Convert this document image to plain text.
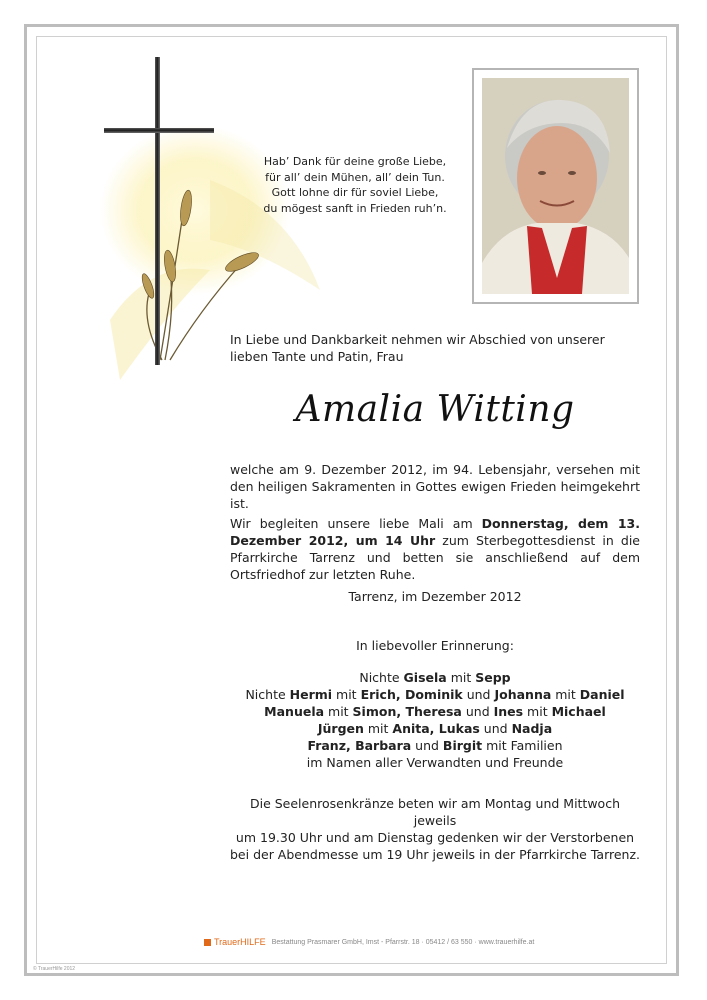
Hab’ Dank für deine große Liebe,
für all’ dein Mühen, all’ dein Tun.
Gott lohne dir für soviel Liebe,
du mögest sanft in Frieden ruh’n.
In Liebe und Dankbarkeit nehmen wir Abschied von unserer lieben Tante und Patin, Frau
Amalia Witting
welche am 9. Dezember 2012, im 94. Lebensjahr, versehen mit den heiligen Sakramenten in Gottes ewigen Frieden heimgekehrt ist.
Wir begleiten unsere liebe Mali am Donnerstag, dem 13. Dezember 2012, um 14 Uhr zum Sterbegottesdienst in die Pfarrkirche Tarrenz und betten sie anschließend auf dem Ortsfriedhof zur letzten Ruhe.
Tarrenz, im Dezember 2012
In liebevoller Erinnerung:
Nichte Gisela mit Sepp
Nichte Hermi mit Erich, Dominik und Johanna mit Daniel
Manuela mit Simon, Theresa und Ines mit Michael
Jürgen mit Anita, Lukas und Nadja
Franz, Barbara und Birgit mit Familien
im Namen aller Verwandten und Freunde
Die Seelenrosenkränze beten wir am Montag und Mittwoch jeweils
um 19.30 Uhr und am Dienstag gedenken wir der Verstorbenen
bei der Abendmesse um 19 Uhr jeweils in der Pfarrkirche Tarrenz.
TrauerHILFE Bestattung Prasmarer GmbH, Imst - Pfarrstr. 18 · 05412 / 63 550 · www.trauerhilfe.at
© TrauerHilfe 2012
